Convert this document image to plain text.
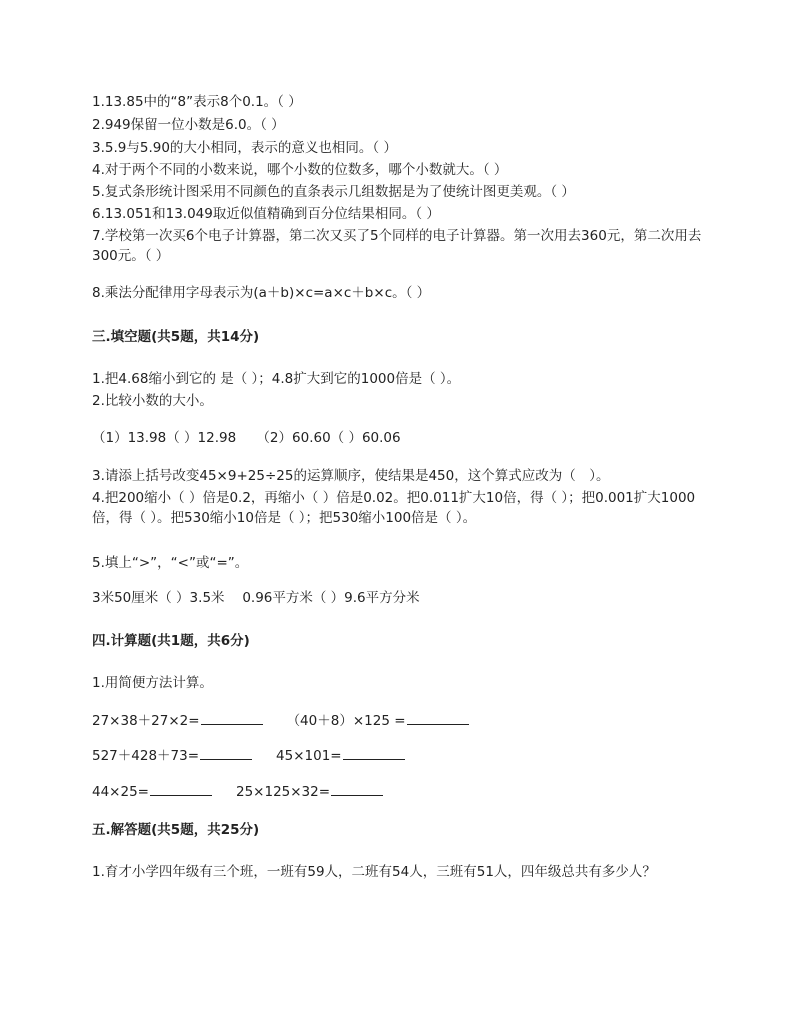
1.13.85中的“8”表示8个0.1。（ ）
2.949保留一位小数是6.0。（ ）
3.5.9与5.90的大小相同，表示的意义也相同。（ ）
4.对于两个不同的小数来说，哪个小数的位数多，哪个小数就大。（ ）
5.复式条形统计图采用不同颜色的直条表示几组数据是为了使统计图更美观。（ ）
6.13.051和13.049取近似值精确到百分位结果相同。（ ）
7.学校第一次买6个电子计算器，第二次又买了5个同样的电子计算器。第一次用去360元，第二次用去300元。（ ）
8.乘法分配律用字母表示为(a＋b)×c=a×c＋b×c。（ ）
三.填空题(共5题，共14分)
1.把4.68缩小到它的 是（ ）；4.8扩大到它的1000倍是（ ）。
2.比较小数的大小。
（1）13.98（ ）12.98　　（2）60.60（ ）60.06
3.请添上括号改变45×9+25÷25的运算顺序，使结果是450，这个算式应改为（　）。
4.把200缩小（ ）倍是0.2，再缩小（ ）倍是0.02。把0.011扩大10倍，得（ ）；把0.001扩大1000 倍，得（ ）。把530缩小10倍是（ ）；把530缩小100倍是（ ）。
5.填上“>”，“<”或“=”。
3米50厘米（ ）3.5米　 0.96平方米（ ）9.6平方分米
四.计算题(共1题，共6分)
1.用简便方法计算。
27×38＋27×2=	（40＋8）×125 =
527＋428＋73=	45×101=
44×25=	25×125×32=
五.解答题(共5题，共25分)
1.育才小学四年级有三个班，一班有59人，二班有54人，三班有51人，四年级总共有多少人？
